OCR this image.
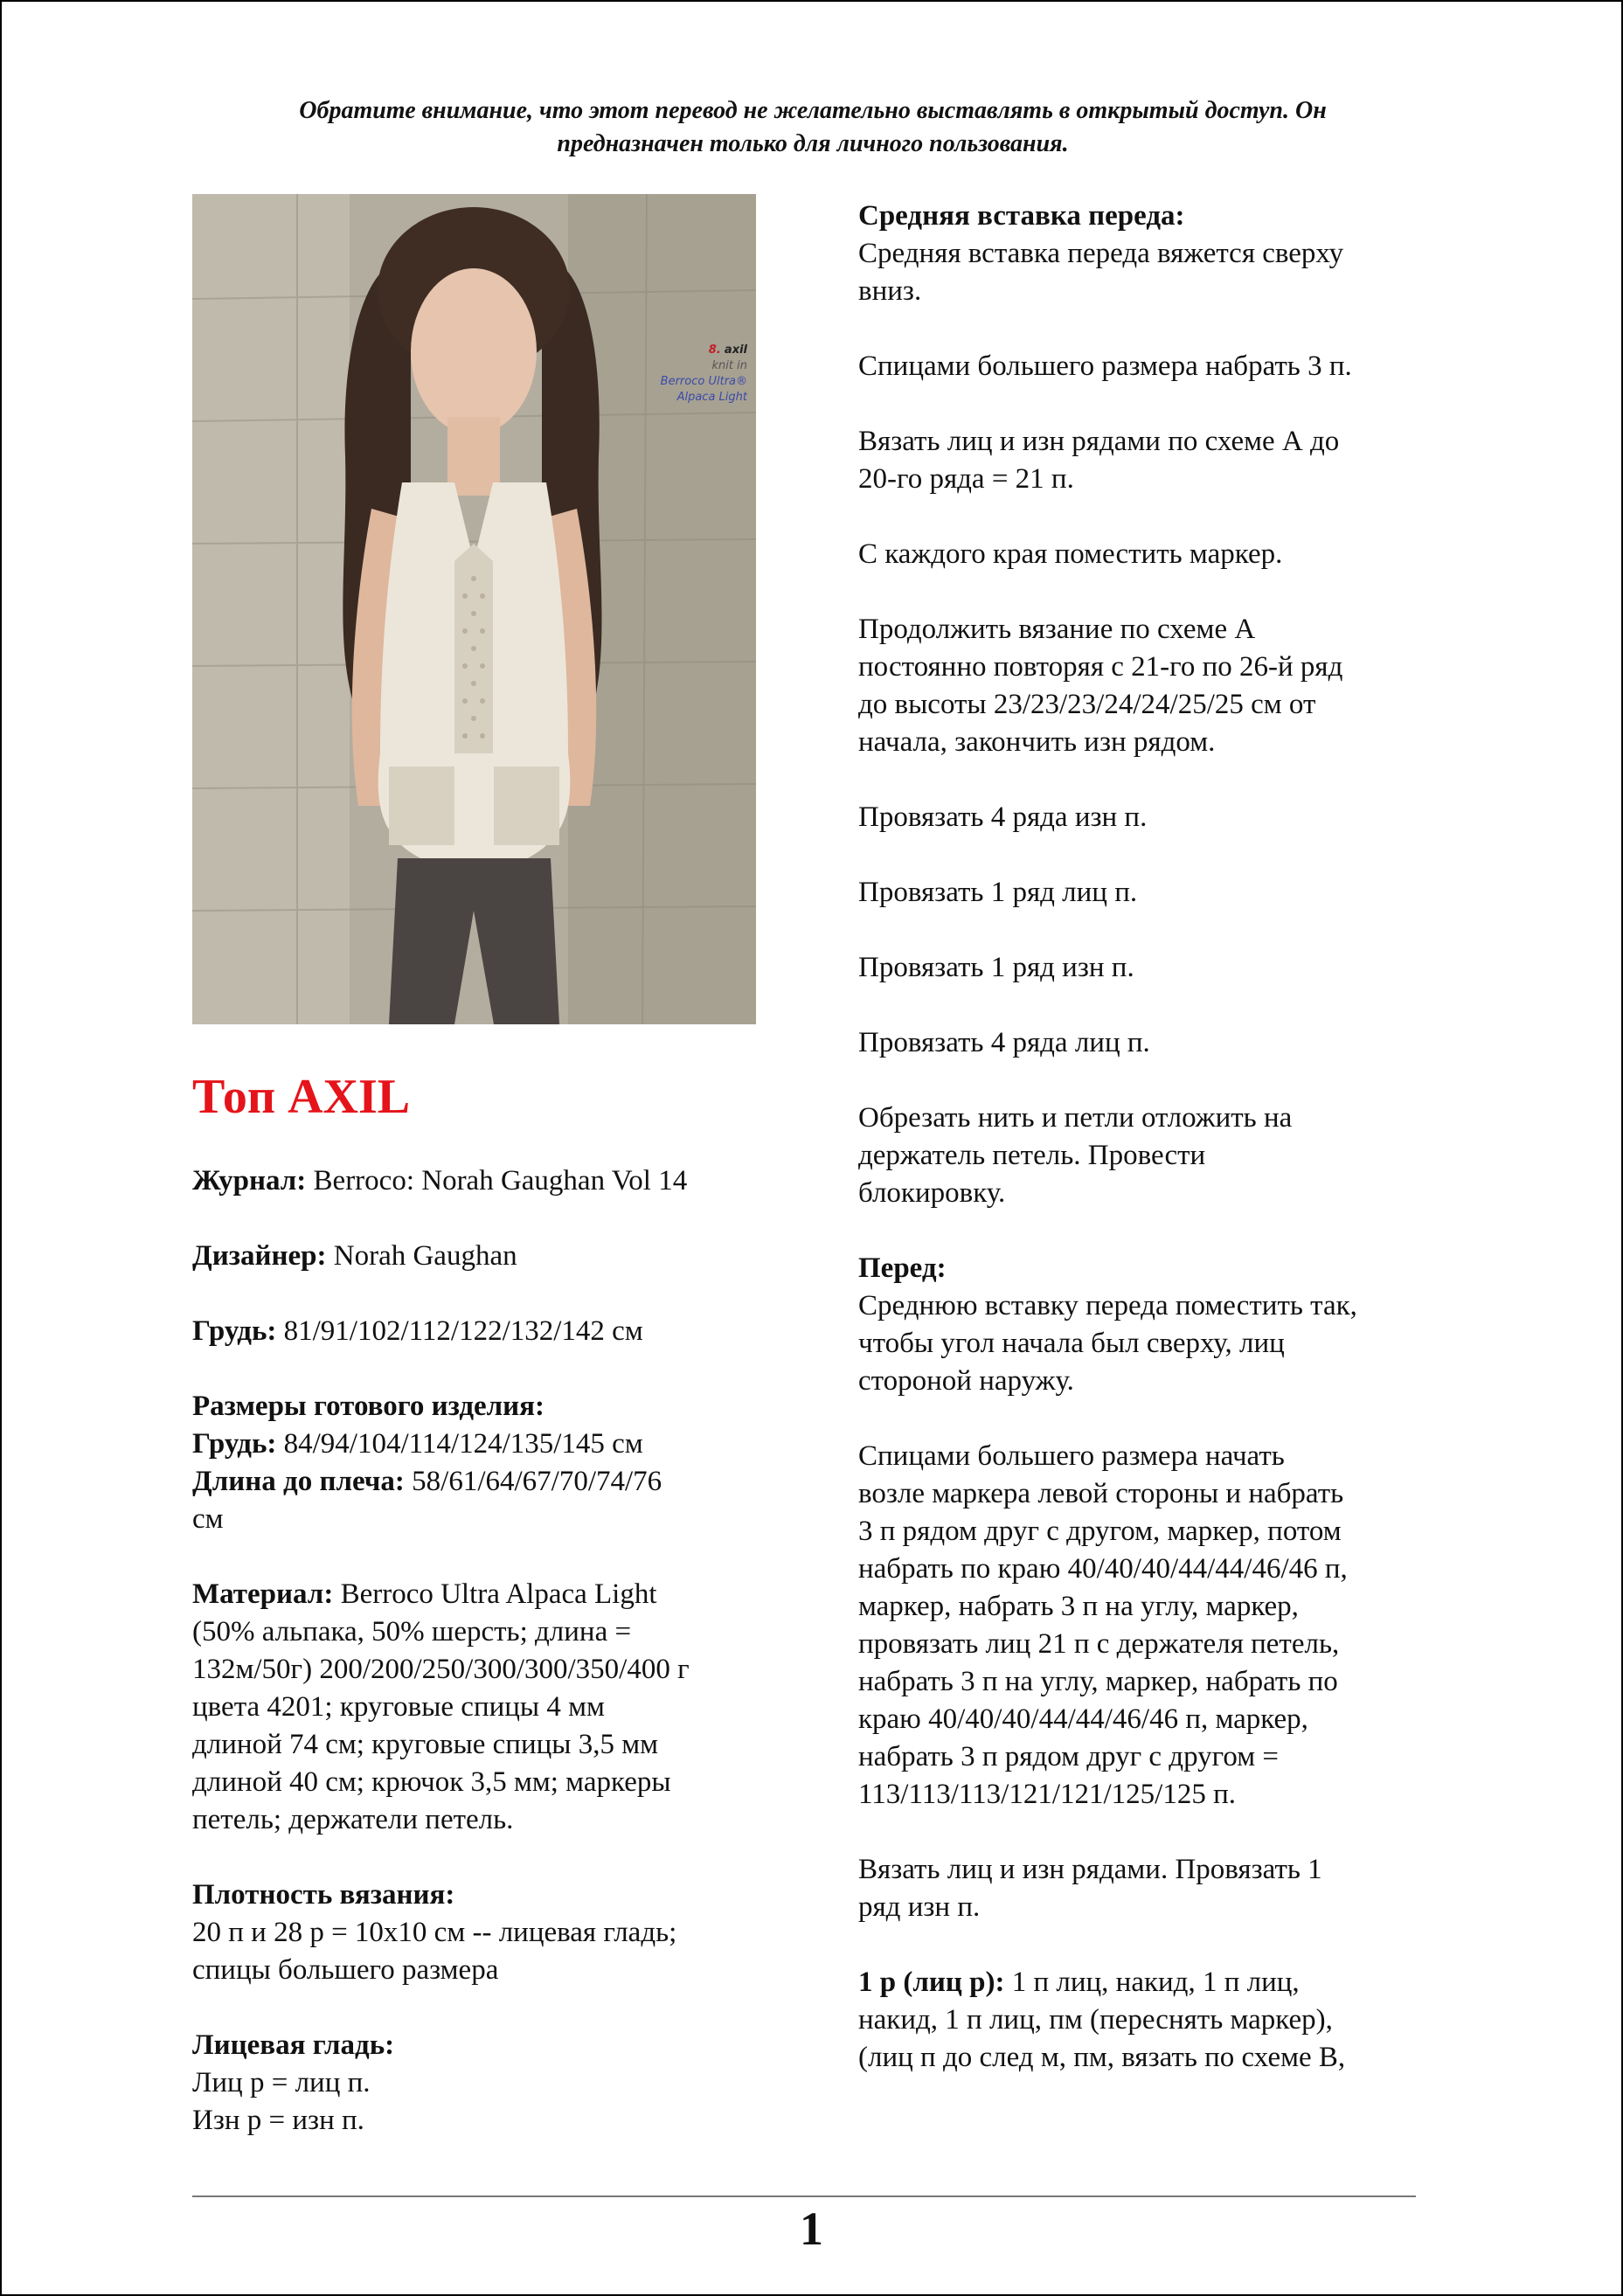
Обратите внимание, что этот перевод не желательно выставлять в открытый доступ. Он
предназначен только для личного пользования.
8. axil
knit in
Berroco Ultra®
Alpaca Light
Топ AXIL

Журнал: Berroco: Norah Gaughan Vol 14

Дизайнер: Norah Gaughan

Грудь: 81/91/102/112/122/132/142 см

Размеры готового изделия:
Грудь: 84/94/104/114/124/135/145 см
Длина до плеча: 58/61/64/67/70/74/76
см

Материал: Berroco Ultra Alpaca Light
(50% альпака, 50% шерсть; длина =
132м/50г) 200/200/250/300/300/350/400 г
цвета 4201; круговые спицы 4 мм
длиной 74 см; круговые спицы 3,5 мм
длиной 40 см; крючок 3,5 мм; маркеры
петель; держатели петель.

Плотность вязания:
20 п и 28 р = 10х10 см -- лицевая гладь;
спицы большего размера

Лицевая гладь:
Лиц р = лиц п.
Изн р = изн п.

Средняя вставка переда:
Средняя вставка переда вяжется сверху
вниз.

Спицами большего размера набрать 3 п.

Вязать лиц и изн рядами по схеме А до
20-го ряда = 21 п.

С каждого края поместить маркер.

Продолжить вязание по схеме А
постоянно повторяя с 21-го по 26-й ряд
до высоты 23/23/23/24/24/25/25 см от
начала, закончить изн рядом.

Провязать 4 ряда изн п.

Провязать 1 ряд лиц п.

Провязать 1 ряд изн п.

Провязать 4 ряда лиц п.

Обрезать нить и петли отложить на
держатель петель. Провести
блокировку.

Перед:
Среднюю вставку переда поместить так,
чтобы угол начала был сверху, лиц
стороной наружу.

Спицами большего размера начать
возле маркера левой стороны и набрать
3 п рядом друг с другом, маркер, потом
набрать по краю 40/40/40/44/44/46/46 п,
маркер, набрать 3 п на углу, маркер,
провязать лиц 21 п с держателя петель,
набрать 3 п на углу, маркер, набрать по
краю 40/40/40/44/44/46/46 п, маркер,
набрать 3 п рядом друг с другом =
113/113/113/121/121/125/125 п.

Вязать лиц и изн рядами. Провязать 1
ряд изн п.

1 р (лиц р): 1 п лиц, накид, 1 п лиц,
накид, 1 п лиц, пм (переснять маркер),
(лиц п до след м, пм, вязать по схеме В,

1
